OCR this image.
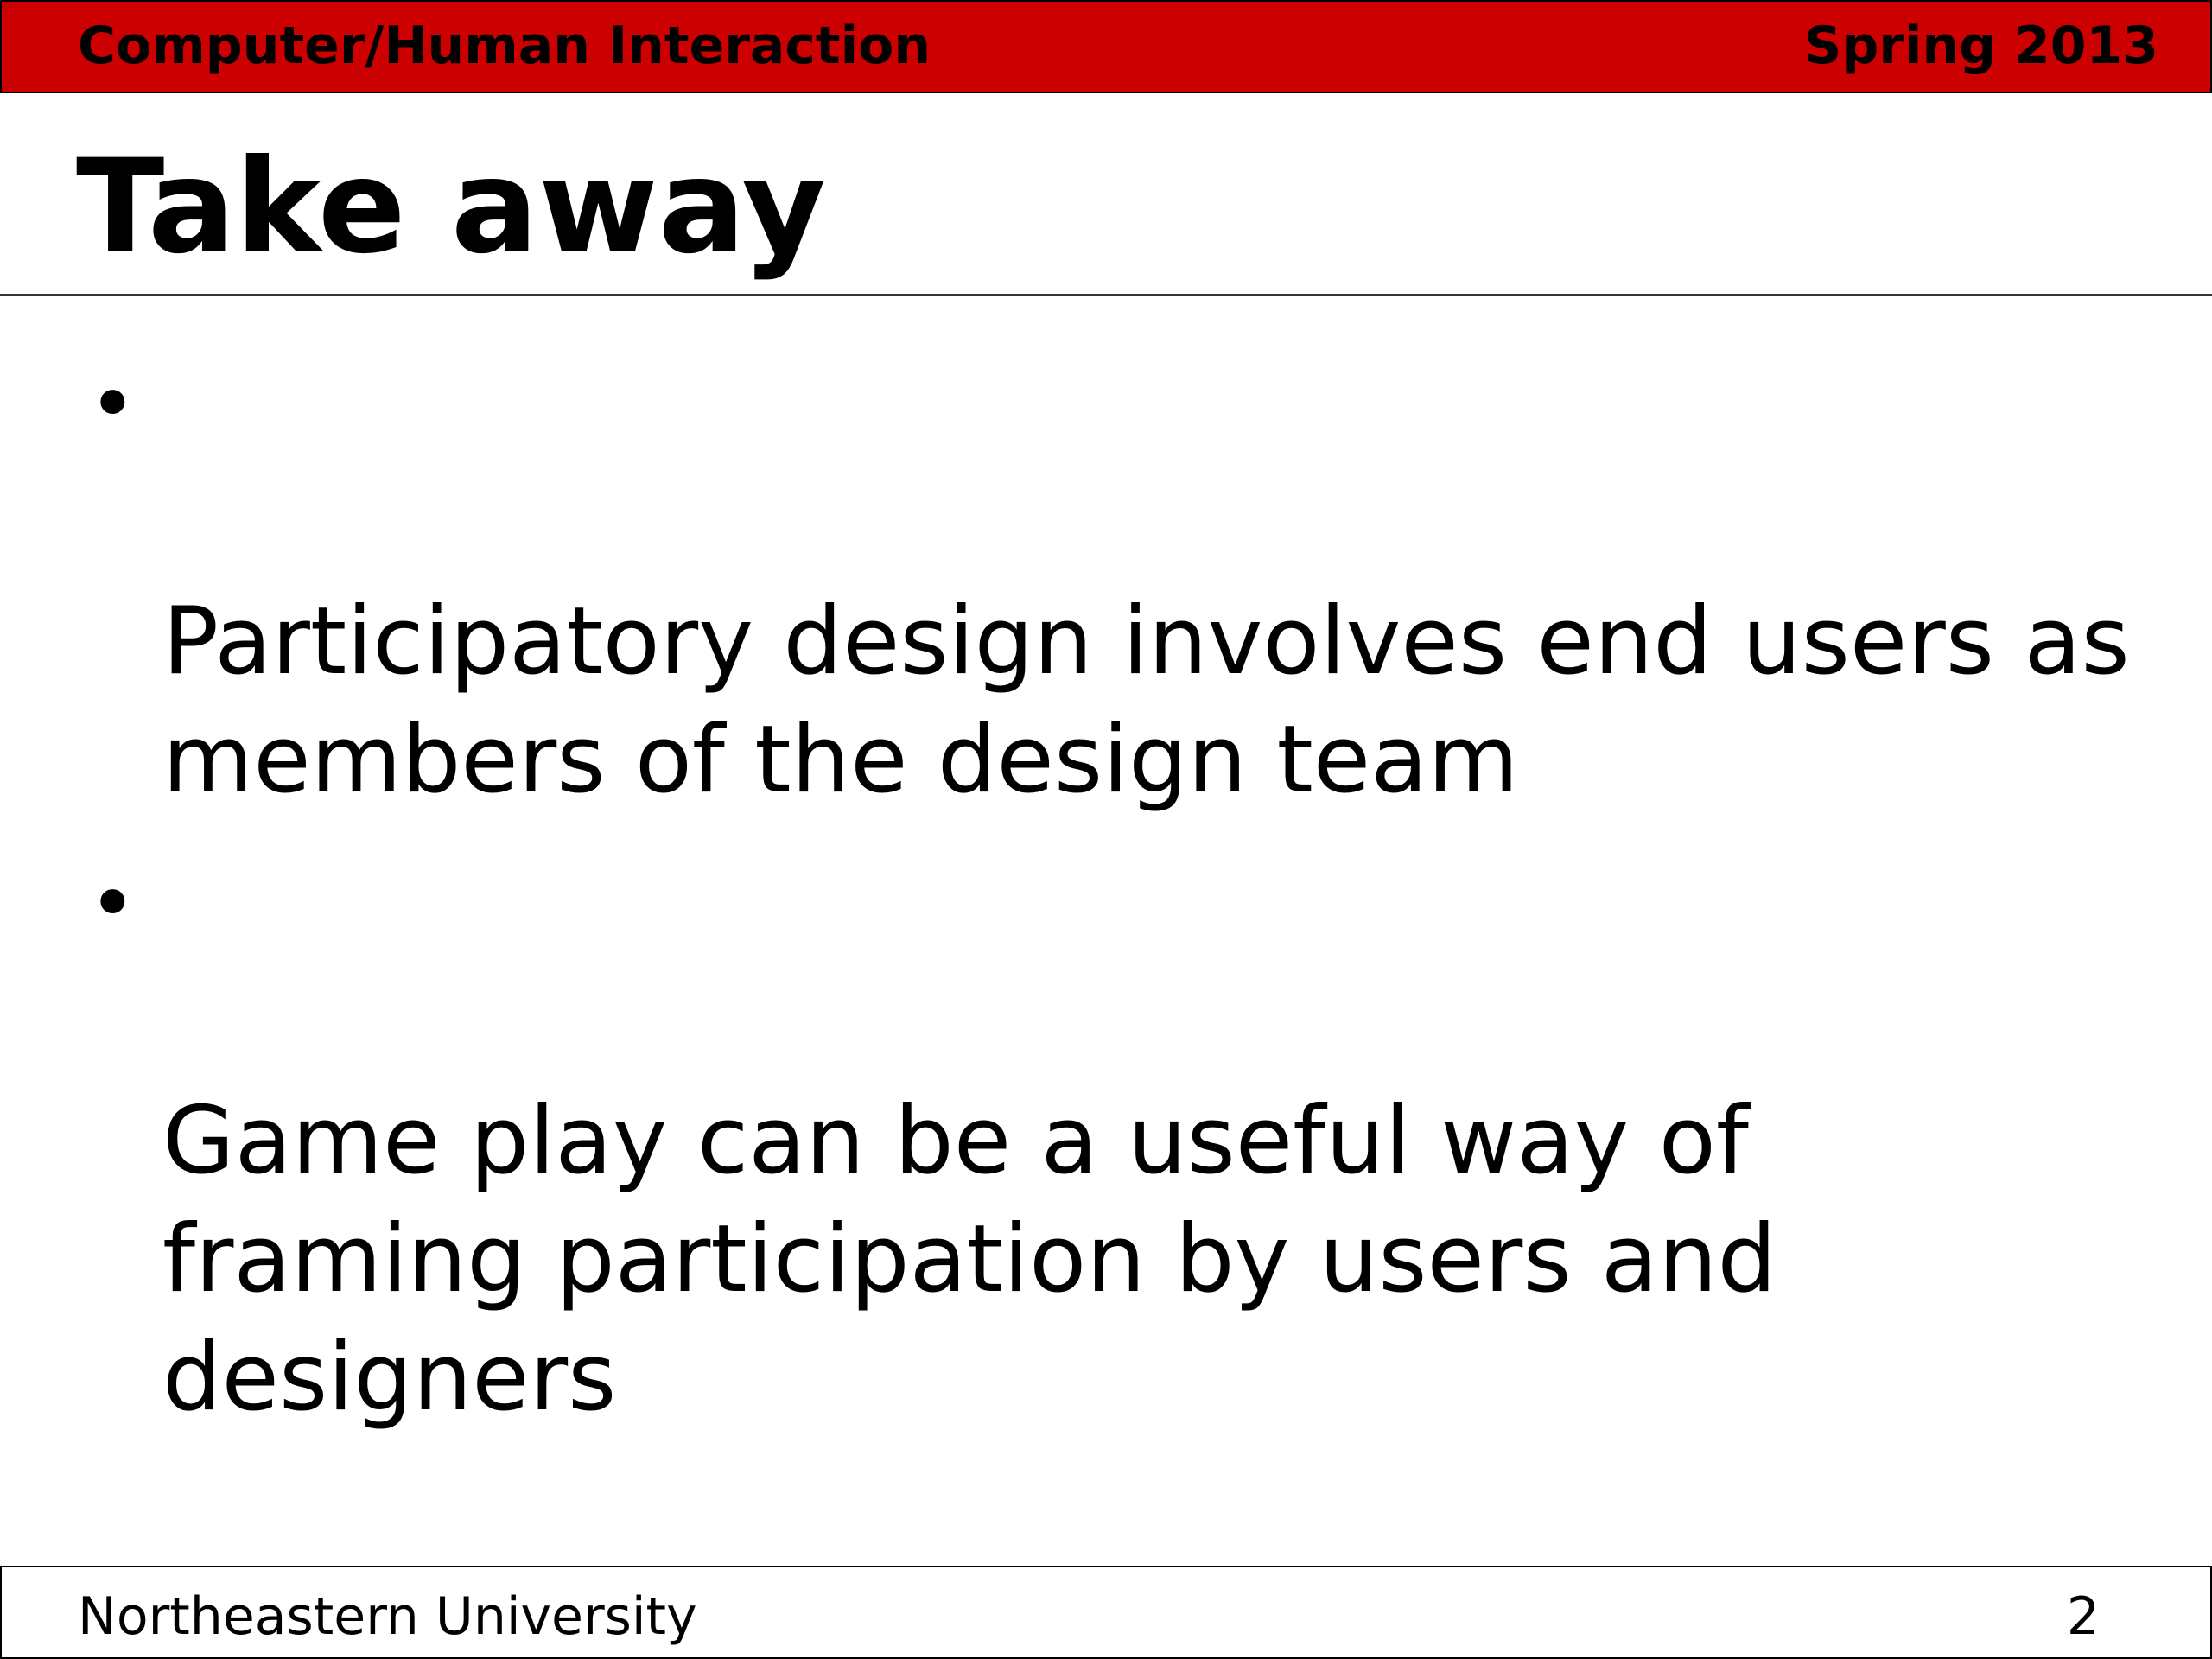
Computer/Human Interaction	Spring 2013
Take away

•

Participatory design involves end users as
members of the design team

•

Game play can be a useful way of
framing participation by users and
designers

Northeastern University	2
